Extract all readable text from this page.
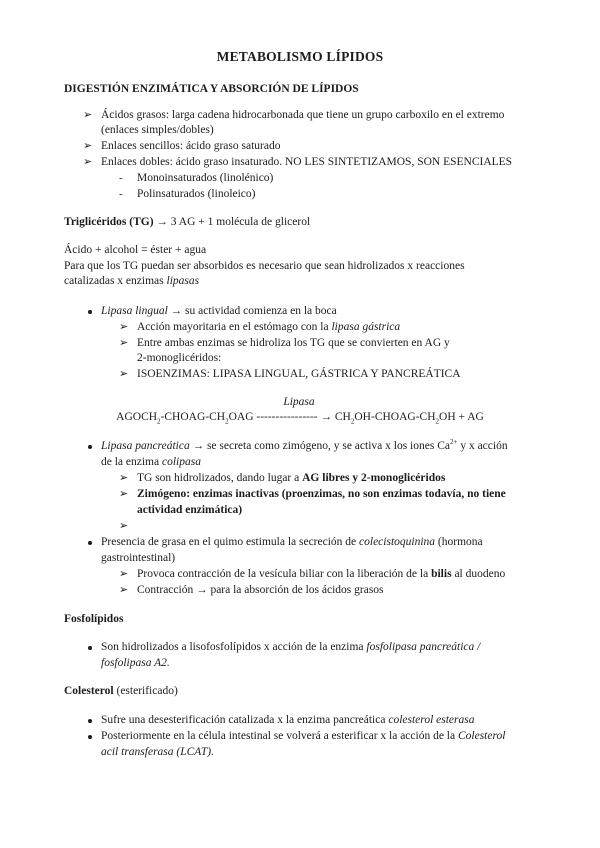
METABOLISMO LÍPIDOS
DIGESTIÓN ENZIMÁTICA Y ABSORCIÓN DE LÍPIDOS
➢ Ácidos grasos: larga cadena hidrocarbonada que tiene un grupo carboxilo en el extremo
(enlaces simples/dobles)
➢ Enlaces sencillos: ácido graso saturado
➢ Enlaces dobles: ácido graso insaturado. NO LES SINTETIZAMOS, SON ESENCIALES
- Monoinsaturados (linolénico)
- Polinsaturados (linoleico)
Triglicéridos (TG) → 3 AG + 1 molécula de glicerol
Ácido + alcohol = éster + agua
Para que los TG puedan ser absorbidos es necesario que sean hidrolizados x reacciones
catalizadas x enzimas lipasas
Lipasa lingual → su actividad comienza en la boca
➢ Acción mayoritaria en el estómago con la lipasa gástrica
➢ Entre ambas enzimas se hidroliza los TG que se convierten en AG y
2-monoglicéridos:
➢ ISOENZIMAS: LIPASA LINGUAL, GÁSTRICA Y PANCREÁTICA
Lipasa
$AGOCH_2-CHOAG-CH_2OAG$ ---------------- → $CH_2OH-CHOAG-CH_2OH$ + AG
Lipasa pancreática → se secreta como zimógeno, y se activa x los iones $Ca^{2+}$ y x acción
de la enzima colipasa
➢ TG son hidrolizados, dando lugar a AG libres y 2-monoglicéridos
➢ Zimógeno: enzimas inactivas (proenzimas, no son enzimas todavía, no tiene
actividad enzimática)
➢
Presencia de grasa en el quimo estimula la secreción de colecistoquinina (hormona
gastrointestinal)
➢ Provoca contracción de la vesícula biliar con la liberación de la bilis al duodeno
➢ Contracción → para la absorción de los ácidos grasos
Fosfolípidos
Son hidrolizados a lisofosfolípidos x acción de la enzima fosfolipasa pancreática /
fosfolipasa A2.
Colesterol (esterificado)
Sufre una desesterificación catalizada x la enzima pancreática colesterol esterasa
Posteriormente en la célula intestinal se volverá a esterificar x la acción de la Colesterol
acil transferasa (LCAT).
